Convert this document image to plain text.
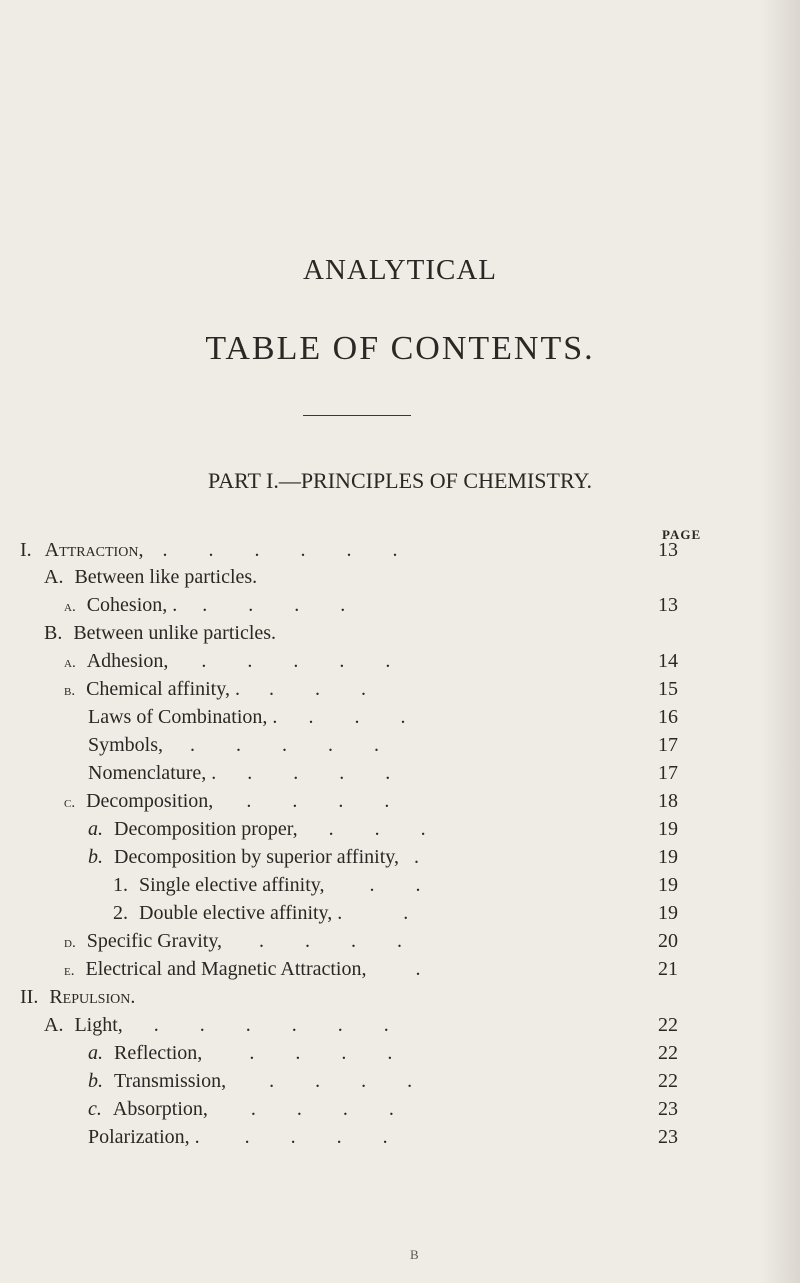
ANALYTICAL
TABLE OF CONTENTS.
PART I.—PRINCIPLES OF CHEMISTRY.
PAGE
I. Attraction, . . . . . .	13
A. Between like particles.
a. Cohesion, . . . . .	13
B. Between unlike particles.
a. Adhesion, . . . . .	14
b. Chemical affinity, . . . .	15
Laws of Combination, . . . .	16
Symbols, . . . . .	17
Nomenclature, . . . . .	17
c. Decomposition, . . . .	18
a. Decomposition proper, . . .	19
b. Decomposition by superior affinity, .	19
1. Single elective affinity, . .	19
2. Double elective affinity, .	.	19
d. Specific Gravity, . . . .	20
e. Electrical and Magnetic Attraction, .	21
II. Repulsion.
A. Light, . . . . . .	22
a. Reflection, . . . .	22
b. Transmission, . . . .	22
c. Absorption, . . . .	23
Polarization, . . . . .	23
B
